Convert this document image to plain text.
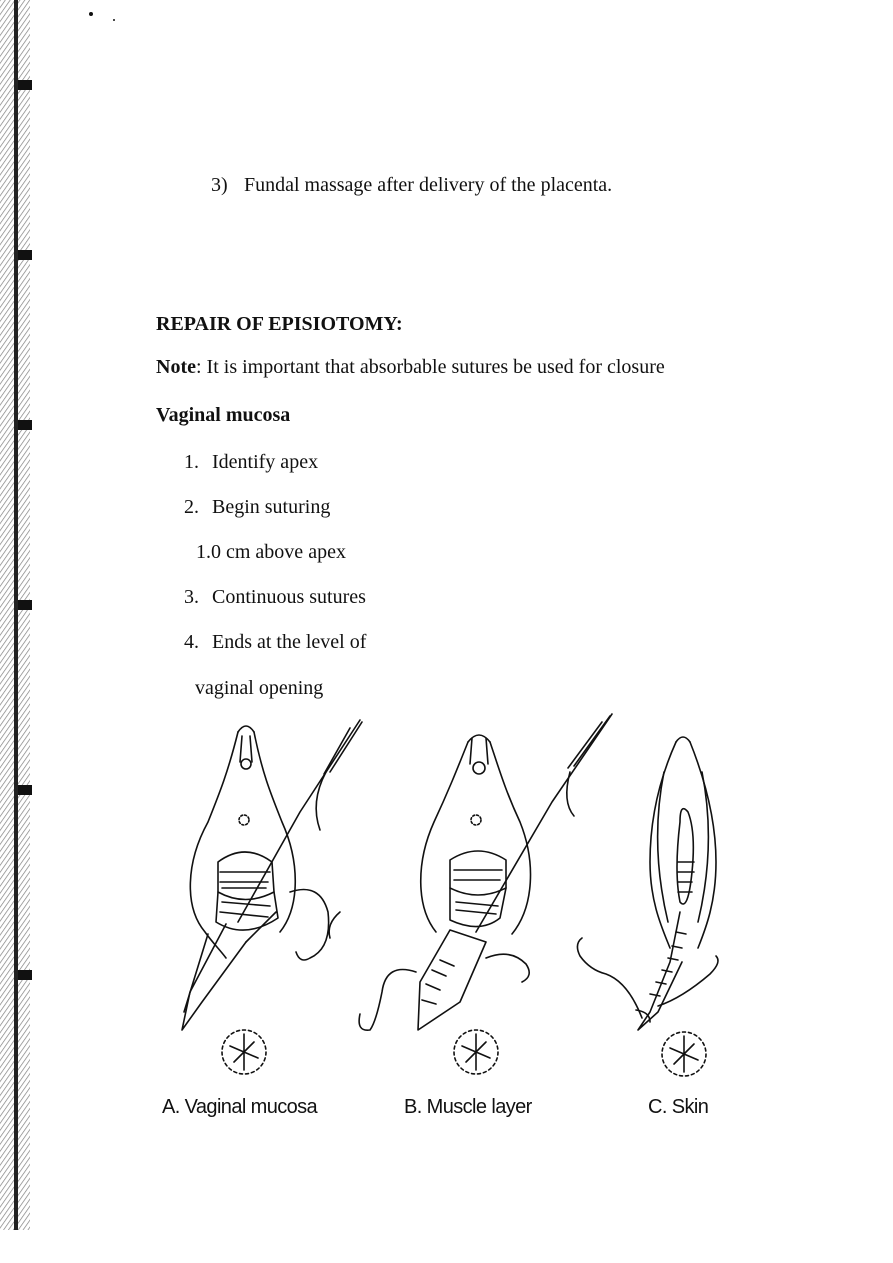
3) Fundal massage after delivery of the placenta.
REPAIR OF EPISIOTOMY:
Note: It is important that absorbable sutures be used for closure
Vaginal mucosa
1. Identify apex
2. Begin suturing
1.0 cm above apex
3. Continuous sutures
4. Ends at the level of
vaginal opening
A. Vaginal mucosa	B. Muscle layer	C. Skin
